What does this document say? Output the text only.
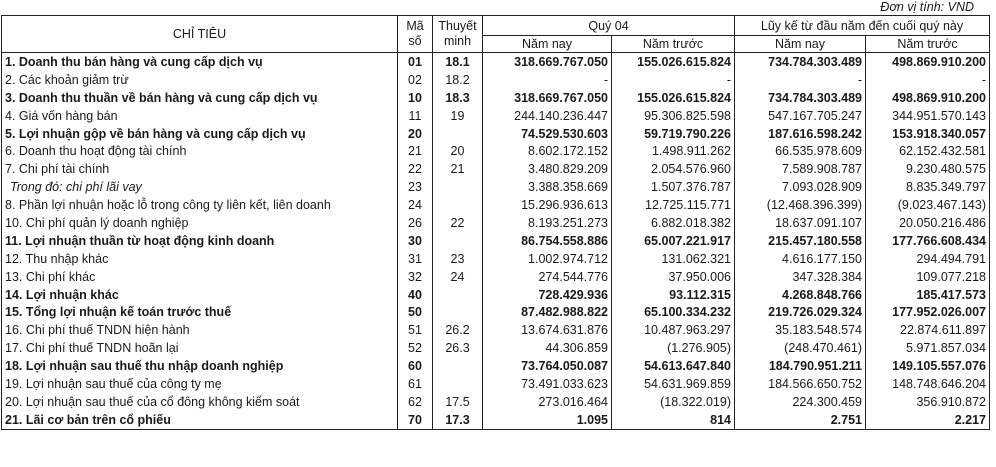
Đơn vị tính: VND
CHỈ TIÊU	Mã số	Thuyết minh	Quý 04		Lũy kế từ đầu năm đến cuối quý này	
			Năm nay	Năm trước	Năm nay	Năm trước
1. Doanh thu bán hàng và cung cấp dịch vụ	01	18.1	318.669.767.050	155.026.615.824	734.784.303.489	498.869.910.200
2. Các khoản giảm trừ	02	18.2	-	-	-	-
3. Doanh thu thuần về bán hàng và cung cấp dịch vụ	10	18.3	318.669.767.050	155.026.615.824	734.784.303.489	498.869.910.200
4. Giá vốn hàng bán	11	19	244.140.236.447	95.306.825.598	547.167.705.247	344.951.570.143
5. Lợi nhuận gộp về bán hàng và cung cấp dịch vụ	20		74.529.530.603	59.719.790.226	187.616.598.242	153.918.340.057
6. Doanh thu hoạt động tài chính	21	20	8.602.172.152	1.498.911.262	66.535.978.609	62.152.432.581
7. Chi phí tài chính	22	21	3.480.829.209	2.054.576.960	7.589.908.787	9.230.480.575
Trong đó: chi phí lãi vay	23		3.388.358.669	1.507.376.787	7.093.028.909	8.835.349.797
8. Phần lợi nhuận hoặc lỗ trong công ty liên kết, liên doanh	24		15.296.936.613	12.725.115.771	(12.468.396.399)	(9.023.467.143)
10. Chi phí quản lý doanh nghiệp	26	22	8.193.251.273	6.882.018.382	18.637.091.107	20.050.216.486
11. Lợi nhuận thuần từ hoạt động kinh doanh	30		86.754.558.886	65.007.221.917	215.457.180.558	177.766.608.434
12. Thu nhập khác	31	23	1.002.974.712	131.062.321	4.616.177.150	294.494.791
13. Chi phí khác	32	24	274.544.776	37.950.006	347.328.384	109.077.218
14. Lợi nhuận khác	40		728.429.936	93.112.315	4.268.848.766	185.417.573
15. Tổng lợi nhuận kế toán trước thuế	50		87.482.988.822	65.100.334.232	219.726.029.324	177.952.026.007
16. Chi phí thuế TNDN hiện hành	51	26.2	13.674.631.876	10.487.963.297	35.183.548.574	22.874.611.897
17. Chi phí thuế TNDN hoãn lại	52	26.3	44.306.859	(1.276.905)	(248.470.461)	5.971.857.034
18. Lợi nhuận sau thuế thu nhập doanh nghiệp	60		73.764.050.087	54.613.647.840	184.790.951.211	149.105.557.076
19. Lợi nhuận sau thuế của công ty mẹ	61		73.491.033.623	54.631.969.859	184.566.650.752	148.748.646.204
20. Lợi nhuận sau thuế của cổ đông không kiểm soát	62	17.5	273.016.464	(18.322.019)	224.300.459	356.910.872
21. Lãi cơ bản trên cổ phiếu	70	17.3	1.095	814	2.751	2.217
